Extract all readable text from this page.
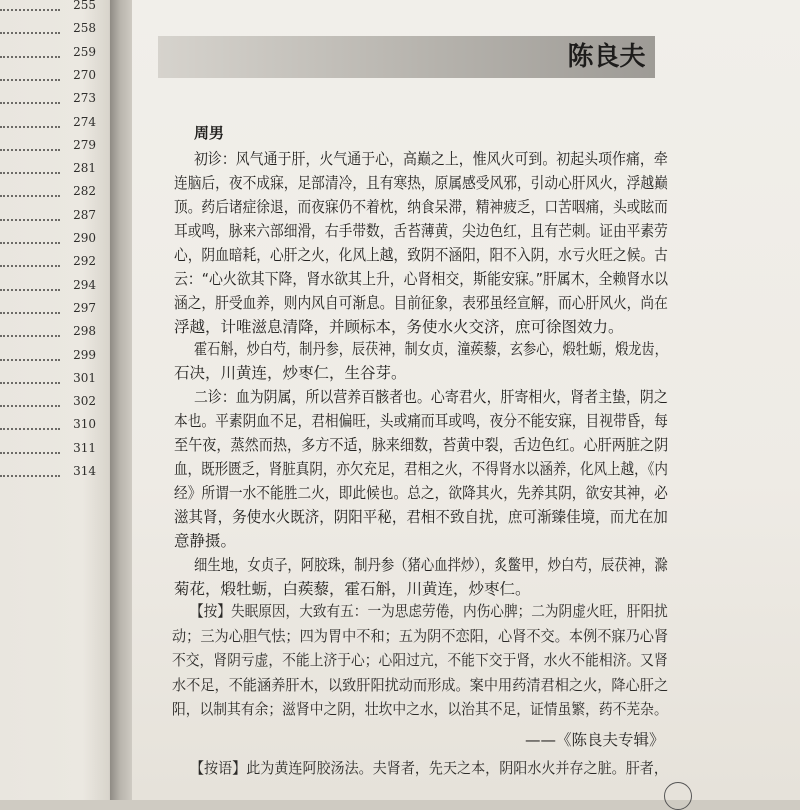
255
258
259
270
273
274
279
281
282
287
290
292
294
297
298
299
301
302
310
311
314
陈良夫
周男
初诊：风气通于肝，火气通于心，高巅之上，惟风火可到。初起头项作痛，牵
连脑后，夜不成寐，足部清冷，且有寒热，原属感受风邪，引动心肝风火，浮越巅
顶。药后诸症徐退，而夜寐仍不着枕，纳食呆滞，精神疲乏，口苦咽痛，头或眩而
耳或鸣，脉来六部细滑，右手带数，舌苔薄黄，尖边色红，且有芒刺。证由平素劳
心，阴血暗耗，心肝之火，化风上越，致阴不涵阳，阳不入阴，水亏火旺之候。古
云：“心火欲其下降，肾水欲其上升，心肾相交，斯能安寐。”肝属木，全赖肾水以
涵之，肝受血养，则内风自可渐息。目前征象，表邪虽经宣解，而心肝风火，尚在
浮越，计唯滋息清降，并顾标本，务使水火交济，庶可徐图效力。
霍石斛，炒白芍，制丹参，辰茯神，制女贞，潼蒺藜，玄参心，煅牡蛎，煅龙齿，
石决，川黄连，炒枣仁，生谷芽。
二诊：血为阴属，所以营养百骸者也。心寄君火，肝寄相火，肾者主蛰，阴之
本也。平素阴血不足，君相偏旺，头或痛而耳或鸣，夜分不能安寐，目视带昏，每
至午夜，蒸然而热，多方不适，脉来细数，苔黄中裂，舌边色红。心肝两脏之阴
血，既形匮乏，肾脏真阴，亦欠充足，君相之火，不得肾水以涵养，化风上越，《内
经》所谓一水不能胜二火，即此候也。总之，欲降其火，先养其阴，欲安其神，必
滋其肾，务使水火既济，阴阳平秘，君相不致自扰，庶可渐臻佳境，而尤在加
意静摄。
细生地，女贞子，阿胶珠，制丹参（猪心血拌炒），炙鳖甲，炒白芍，辰茯神，滁
菊花，煅牡蛎，白蒺藜，霍石斛，川黄连，炒枣仁。
【按】失眠原因，大致有五：一为思虑劳倦，内伤心脾；二为阴虚火旺，肝阳扰
动；三为心胆气怯；四为胃中不和；五为阴不恋阳，心肾不交。本例不寐乃心肾
不交，肾阴亏虚，不能上济于心；心阳过亢，不能下交于肾，水火不能相济。又肾
水不足，不能涵养肝木，以致肝阳扰动而形成。案中用药清君相之火，降心肝之
阳，以制其有余；滋肾中之阴，壮坎中之水，以治其不足，证情虽繁，药不芜杂。
【按语】此为黄连阿胶汤法。夫肾者，先天之本，阴阳水火并存之脏。肝者，
——《陈良夫专辑》
